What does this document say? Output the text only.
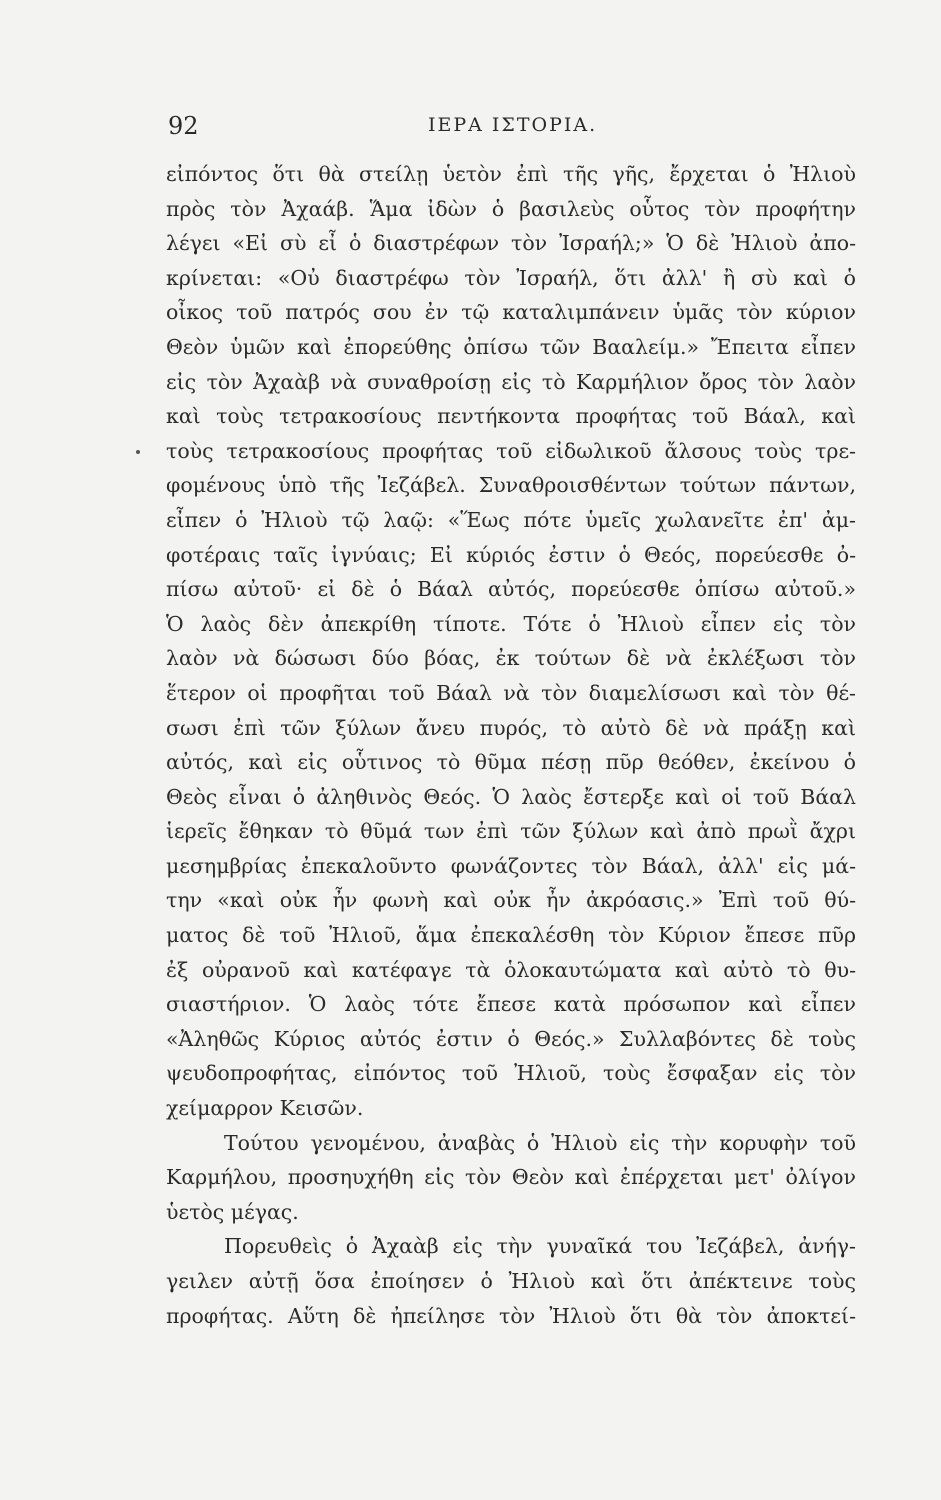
92	ΙΕΡΑ ΙΣΤΟΡΙΑ.
εἰπόντος ὅτι θὰ στείλῃ ὑετὸν ἐπὶ τῆς γῆς, ἔρχεται ὁ Ἠλιοὺ
πρὸς τὸν Ἀχαάβ. Ἅμα ἰδὼν ὁ βασιλεὺς οὗτος τὸν προφήτην
λέγει «Εἰ σὺ εἶ ὁ διαστρέφων τὸν Ἰσραήλ;» Ὁ δὲ Ἠλιοὺ ἀπο-
κρίνεται: «Οὐ διαστρέφω τὸν Ἰσραήλ, ὅτι ἀλλ' ἢ σὺ καὶ ὁ
οἶκος τοῦ πατρός σου ἐν τῷ καταλιμπάνειν ὑμᾶς τὸν κύριον
Θεὸν ὑμῶν καὶ ἐπορεύθης ὀπίσω τῶν Βααλείμ.» Ἔπειτα εἶπεν
εἰς τὸν Ἀχαὰβ νὰ συναθροίσῃ εἰς τὸ Καρμήλιον ὄρος τὸν λαὸν
καὶ τοὺς τετρακοσίους πεντήκοντα προφήτας τοῦ Βάαλ, καὶ
τοὺς τετρακοσίους προφήτας τοῦ εἰδωλικοῦ ἄλσους τοὺς τρε-
φομένους ὑπὸ τῆς Ἰεζάβελ. Συναθροισθέντων τούτων πάντων,
εἶπεν ὁ Ἠλιοὺ τῷ λαῷ: «Ἕως πότε ὑμεῖς χωλανεῖτε ἐπ' ἀμ-
φοτέραις ταῖς ἰγνύαις; Εἰ κύριός ἐστιν ὁ Θεός, πορεύεσθε ὀ-
πίσω αὐτοῦ· εἰ δὲ ὁ Βάαλ αὐτός, πορεύεσθε ὀπίσω αὐτοῦ.»
Ὁ λαὸς δὲν ἀπεκρίθη τίποτε. Τότε ὁ Ἠλιοὺ εἶπεν εἰς τὸν
λαὸν νὰ δώσωσι δύο βόας, ἐκ τούτων δὲ νὰ ἐκλέξωσι τὸν
ἕτερον οἱ προφῆται τοῦ Βάαλ νὰ τὸν διαμελίσωσι καὶ τὸν θέ-
σωσι ἐπὶ τῶν ξύλων ἄνευ πυρός, τὸ αὐτὸ δὲ νὰ πράξῃ καὶ
αὐτός, καὶ εἰς οὗτινος τὸ θῦμα πέσῃ πῦρ θεόθεν, ἐκείνου ὁ
Θεὸς εἶναι ὁ ἀληθινὸς Θεός. Ὁ λαὸς ἔστερξε καὶ οἱ τοῦ Βάαλ
ἱερεῖς ἔθηκαν τὸ θῦμά των ἐπὶ τῶν ξύλων καὶ ἀπὸ πρωῒ ἄχρι
μεσημβρίας ἐπεκαλοῦντο φωνάζοντες τὸν Βάαλ, ἀλλ' εἰς μά-
την «καὶ οὐκ ἦν φωνὴ καὶ οὐκ ἦν ἀκρόασις.» Ἐπὶ τοῦ θύ-
ματος δὲ τοῦ Ἠλιοῦ, ἅμα ἐπεκαλέσθη τὸν Κύριον ἔπεσε πῦρ
ἐξ οὐρανοῦ καὶ κατέφαγε τὰ ὁλοκαυτώματα καὶ αὐτὸ τὸ θυ-
σιαστήριον. Ὁ λαὸς τότε ἔπεσε κατὰ πρόσωπον καὶ εἶπεν
«Ἀληθῶς Κύριος αὐτός ἐστιν ὁ Θεός.» Συλλαβόντες δὲ τοὺς
ψευδοπροφήτας, εἰπόντος τοῦ Ἠλιοῦ, τοὺς ἔσφαξαν εἰς τὸν
χείμαρρον Κεισῶν.
Τούτου γενομένου, ἀναβὰς ὁ Ἠλιοὺ εἰς τὴν κορυφὴν τοῦ
Καρμήλου, προσηυχήθη εἰς τὸν Θεὸν καὶ ἐπέρχεται μετ' ὀλίγον
ὑετὸς μέγας.
Πορευθεὶς ὁ Ἀχαὰβ εἰς τὴν γυναῖκά του Ἰεζάβελ, ἀνήγ-
γειλεν αὐτῇ ὅσα ἐποίησεν ὁ Ἠλιοὺ καὶ ὅτι ἀπέκτεινε τοὺς
προφήτας. Αὕτη δὲ ἠπείλησε τὸν Ἠλιοὺ ὅτι θὰ τὸν ἀποκτεί-
